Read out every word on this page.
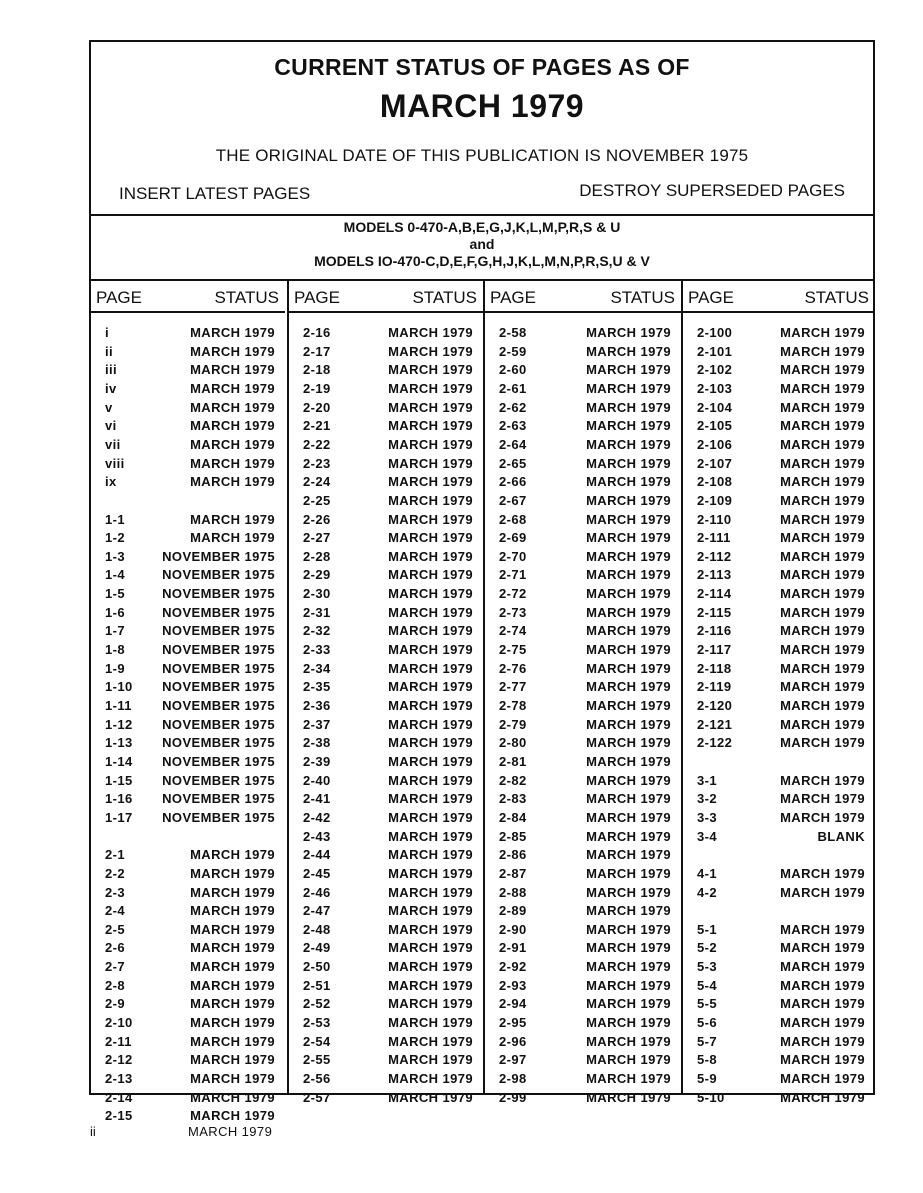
CURRENT STATUS OF PAGES AS OF
MARCH 1979
THE ORIGINAL DATE OF THIS PUBLICATION IS NOVEMBER 1975
INSERT LATEST PAGES	DESTROY SUPERSEDED PAGES
MODELS 0-470-A,B,E,G,J,K,L,M,P,R,S & U
and
MODELS IO-470-C,D,E,F,G,H,J,K,L,M,N,P,R,S,U & V
PAGE	STATUS
i	MARCH 1979
ii	MARCH 1979
iii	MARCH 1979
iv	MARCH 1979
v	MARCH 1979
vi	MARCH 1979
vii	MARCH 1979
viii	MARCH 1979
ix	MARCH 1979
1-1	MARCH 1979
1-2	MARCH 1979
1-3	NOVEMBER 1975
1-4	NOVEMBER 1975
1-5	NOVEMBER 1975
1-6	NOVEMBER 1975
1-7	NOVEMBER 1975
1-8	NOVEMBER 1975
1-9	NOVEMBER 1975
1-10 NOVEMBER 1975
1-11 NOVEMBER 1975
1-12 NOVEMBER 1975
1-13 NOVEMBER 1975
1-14 NOVEMBER 1975
1-15 NOVEMBER 1975
1-16 NOVEMBER 1975
1-17 NOVEMBER 1975
2-1	MARCH 1979
2-2	MARCH 1979
2-3	MARCH 1979
2-4	MARCH 1979
2-5	MARCH 1979
2-6	MARCH 1979
2-7	MARCH 1979
2-8	MARCH 1979
2-9	MARCH 1979
2-10	MARCH 1979
2-11	MARCH 1979
2-12	MARCH 1979
2-13	MARCH 1979
2-14	MARCH 1979
2-15	MARCH 1979
PAGE	STATUS
2-16	MARCH 1979
2-17	MARCH 1979
2-18	MARCH 1979
2-19	MARCH 1979
2-20	MARCH 1979
2-21	MARCH 1979
2-22	MARCH 1979
2-23	MARCH 1979
2-24	MARCH 1979
2-25	MARCH 1979
2-26	MARCH 1979
2-27	MARCH 1979
2-28	MARCH 1979
2-29	MARCH 1979
2-30	MARCH 1979
2-31	MARCH 1979
2-32	MARCH 1979
2-33	MARCH 1979
2-34	MARCH 1979
2-35	MARCH 1979
2-36	MARCH 1979
2-37	MARCH 1979
2-38	MARCH 1979
2-39	MARCH 1979
2-40	MARCH 1979
2-41	MARCH 1979
2-42	MARCH 1979
2-43	MARCH 1979
2-44	MARCH 1979
2-45	MARCH 1979
2-46	MARCH 1979
2-47	MARCH 1979
2-48	MARCH 1979
2-49	MARCH 1979
2-50	MARCH 1979
2-51	MARCH 1979
2-52	MARCH 1979
2-53	MARCH 1979
2-54	MARCH 1979
2-55	MARCH 1979
2-56	MARCH 1979
2-57	MARCH 1979
PAGE	STATUS
2-58	MARCH 1979
2-59	MARCH 1979
2-60	MARCH 1979
2-61	MARCH 1979
2-62	MARCH 1979
2-63	MARCH 1979
2-64	MARCH 1979
2-65	MARCH 1979
2-66	MARCH 1979
2-67	MARCH 1979
2-68	MARCH 1979
2-69	MARCH 1979
2-70	MARCH 1979
2-71	MARCH 1979
2-72	MARCH 1979
2-73	MARCH 1979
2-74	MARCH 1979
2-75	MARCH 1979
2-76	MARCH 1979
2-77	MARCH 1979
2-78	MARCH 1979
2-79	MARCH 1979
2-80	MARCH 1979
2-81	MARCH 1979
2-82	MARCH 1979
2-83	MARCH 1979
2-84	MARCH 1979
2-85	MARCH 1979
2-86	MARCH 1979
2-87	MARCH 1979
2-88	MARCH 1979
2-89	MARCH 1979
2-90	MARCH 1979
2-91	MARCH 1979
2-92	MARCH 1979
2-93	MARCH 1979
2-94	MARCH 1979
2-95	MARCH 1979
2-96	MARCH 1979
2-97	MARCH 1979
2-98	MARCH 1979
2-99	MARCH 1979
PAGE	STATUS
2-100	MARCH 1979
2-101	MARCH 1979
2-102	MARCH 1979
2-103	MARCH 1979
2-104	MARCH 1979
2-105	MARCH 1979
2-106	MARCH 1979
2-107	MARCH 1979
2-108	MARCH 1979
2-109	MARCH 1979
2-110	MARCH 1979
2-111	MARCH 1979
2-112	MARCH 1979
2-113	MARCH 1979
2-114	MARCH 1979
2-115	MARCH 1979
2-116	MARCH 1979
2-117	MARCH 1979
2-118	MARCH 1979
2-119	MARCH 1979
2-120	MARCH 1979
2-121	MARCH 1979
2-122	MARCH 1979
3-1	MARCH 1979
3-2	MARCH 1979
3-3	MARCH 1979
3-4	BLANK
4-1	MARCH 1979
4-2	MARCH 1979
5-1	MARCH 1979
5-2	MARCH 1979
5-3	MARCH 1979
5-4	MARCH 1979
5-5	MARCH 1979
5-6	MARCH 1979
5-7	MARCH 1979
5-8	MARCH 1979
5-9	MARCH 1979
5-10	MARCH 1979
ii	MARCH 1979
